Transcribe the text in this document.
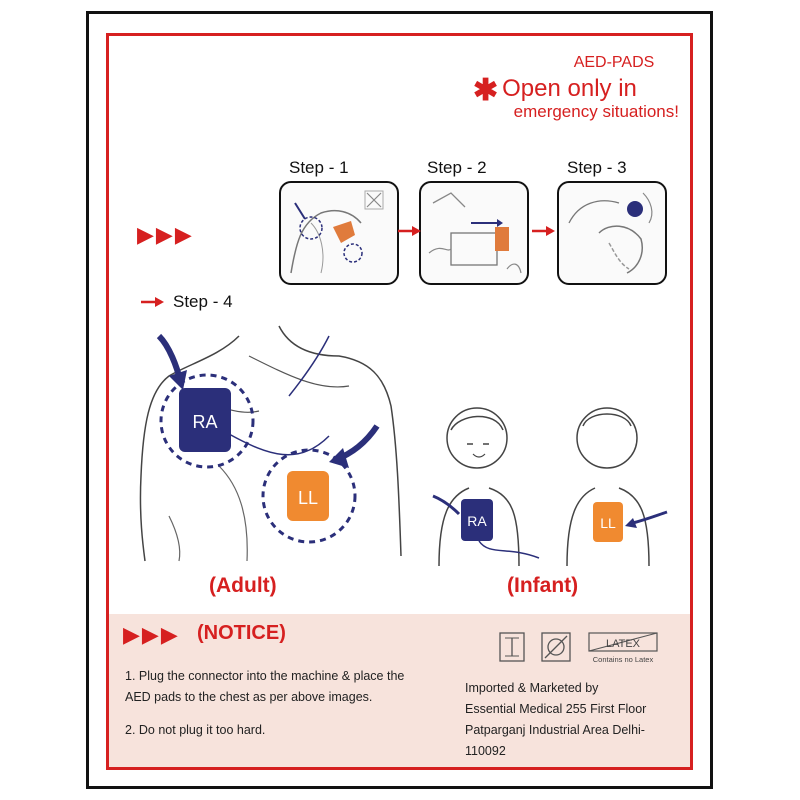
AED-PADS
✱ Open only in
emergency situations!
Step - 1	Step - 2	Step - 3
▶▶▶
Step - 4
RA
LL
RA	LL
(Adult)	(Infant)
▶▶▶ (NOTICE)
1. Plug the connector into the machine & place the
AED pads to the chest as per above images.
2. Do not plug it too hard.
LATEX
Contains no Latex
Imported & Marketed by
Essential Medical 255 First Floor
Patparganj Industrial Area Delhi-
110092
